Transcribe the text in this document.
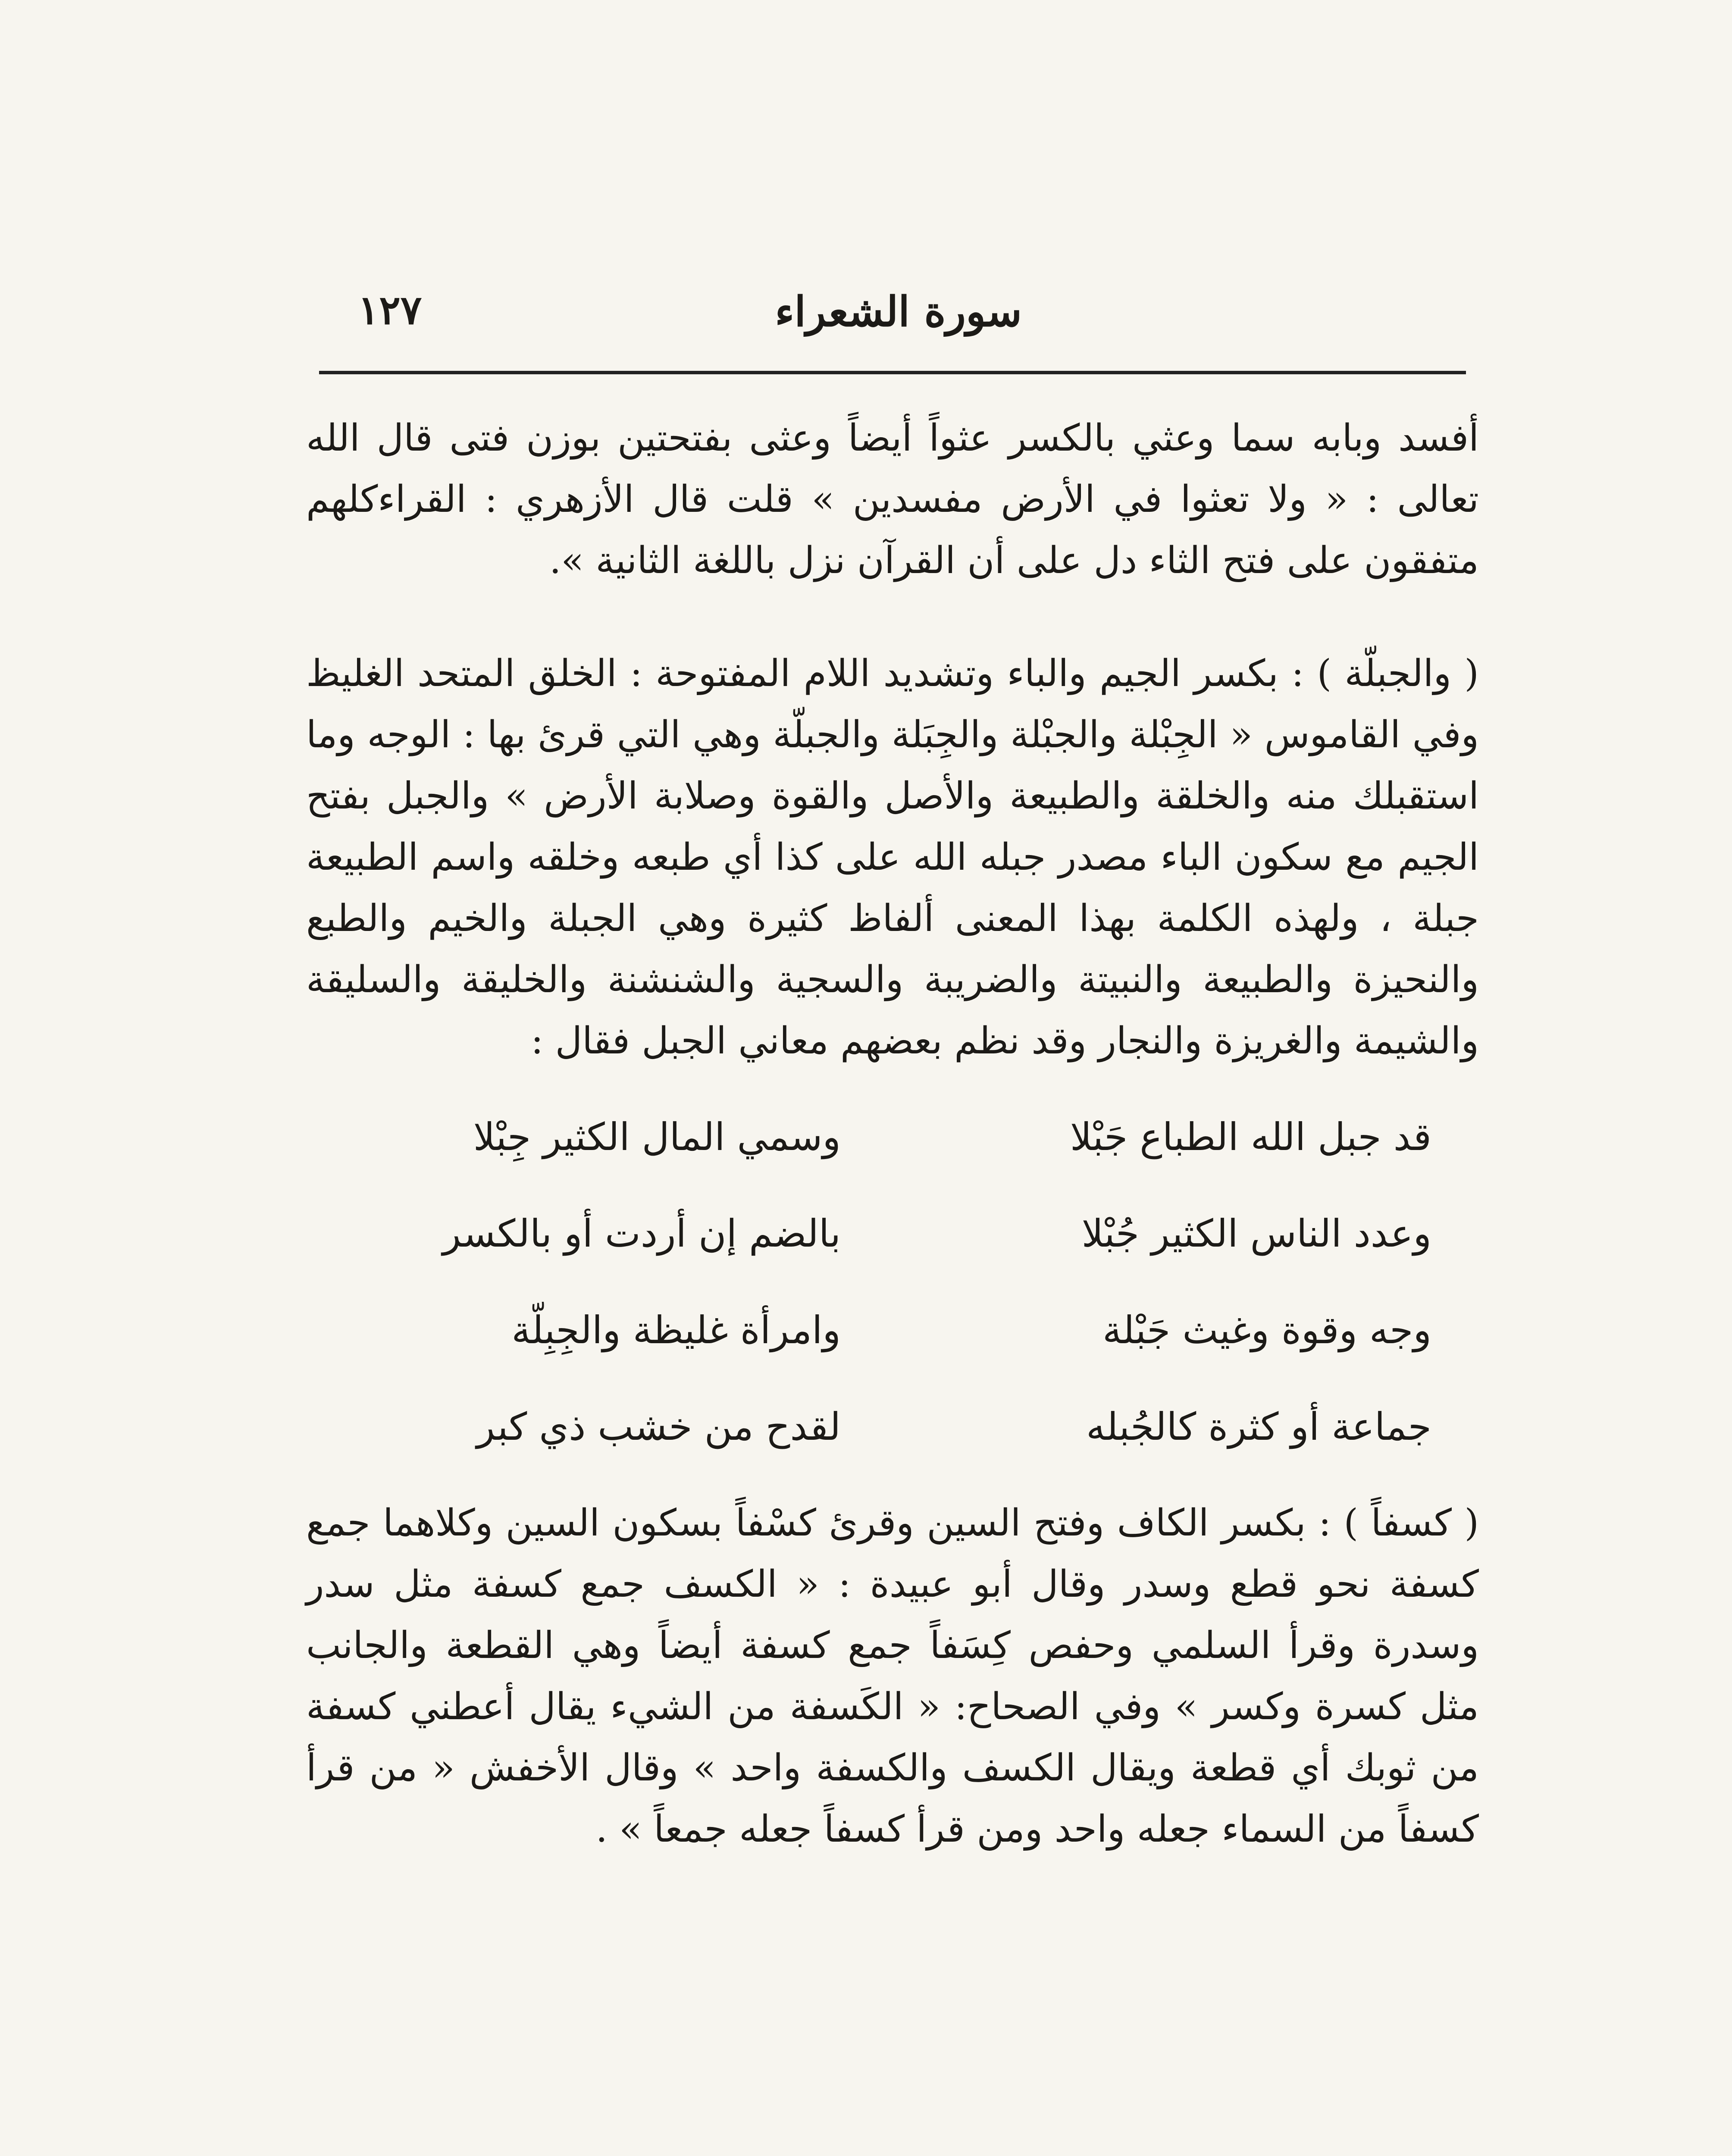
سورة الشعراء
١٢٧

أفسد وبابه سما وعثي بالكسر عثواً أيضاً وعثى بفتحتين بوزن فتى قال الله تعالى : « ولا تعثوا في الأرض مفسدين » قلت قال الأزهري : القراءكلهم متفقون على فتح الثاء دل على أن القرآن نزل باللغة الثانية ».

( والجبلّة ) : بكسر الجيم والباء وتشديد اللام المفتوحة : الخلق المتحد الغليظ وفي القاموس « الجِبْلة والجبْلة والجِبَلة والجبلّة وهي التي قرئ بها : الوجه وما استقبلك منه والخلقة والطبيعة والأصل والقوة وصلابة الأرض » والجبل بفتح الجيم مع سكون الباء مصدر جبله الله على كذا أي طبعه وخلقه واسم الطبيعة جبلة ، ولهذه الكلمة بهذا المعنى ألفاظ كثيرة وهي الجبلة والخيم والطبع والنحيزة والطبيعة والنبيتة والضريبة والسجية والشنشنة والخليقة والسليقة والشيمة والغريزة والنجار وقد نظم بعضهم معاني الجبل فقال :

قد جبل الله الطباع جَبْلا
وسمي المال الكثير جِبْلا
وعدد الناس الكثير جُبْلا
بالضم إن أردت أو بالكسر
وجه وقوة وغيث جَبْلة
وامرأة غليظة والجِبِلّة
جماعة أو كثرة كالجُبله
لقدح من خشب ذي كبر

( كسفاً ) : بكسر الكاف وفتح السين وقرئ كسْفاً بسكون السين وكلاهما جمع كسفة نحو قطع وسدر وقال أبو عبيدة : « الكسف جمع كسفة مثل سدر وسدرة وقرأ السلمي وحفص كِسَفاً جمع كسفة أيضاً وهي القطعة والجانب مثل كسرة وكسر » وفي الصحاح: « الكَسفة من الشيء يقال أعطني كسفة من ثوبك أي قطعة ويقال الكسف والكسفة واحد » وقال الأخفش « من قرأ كسفاً من السماء جعله واحد ومن قرأ كسفاً جعله جمعاً » .
